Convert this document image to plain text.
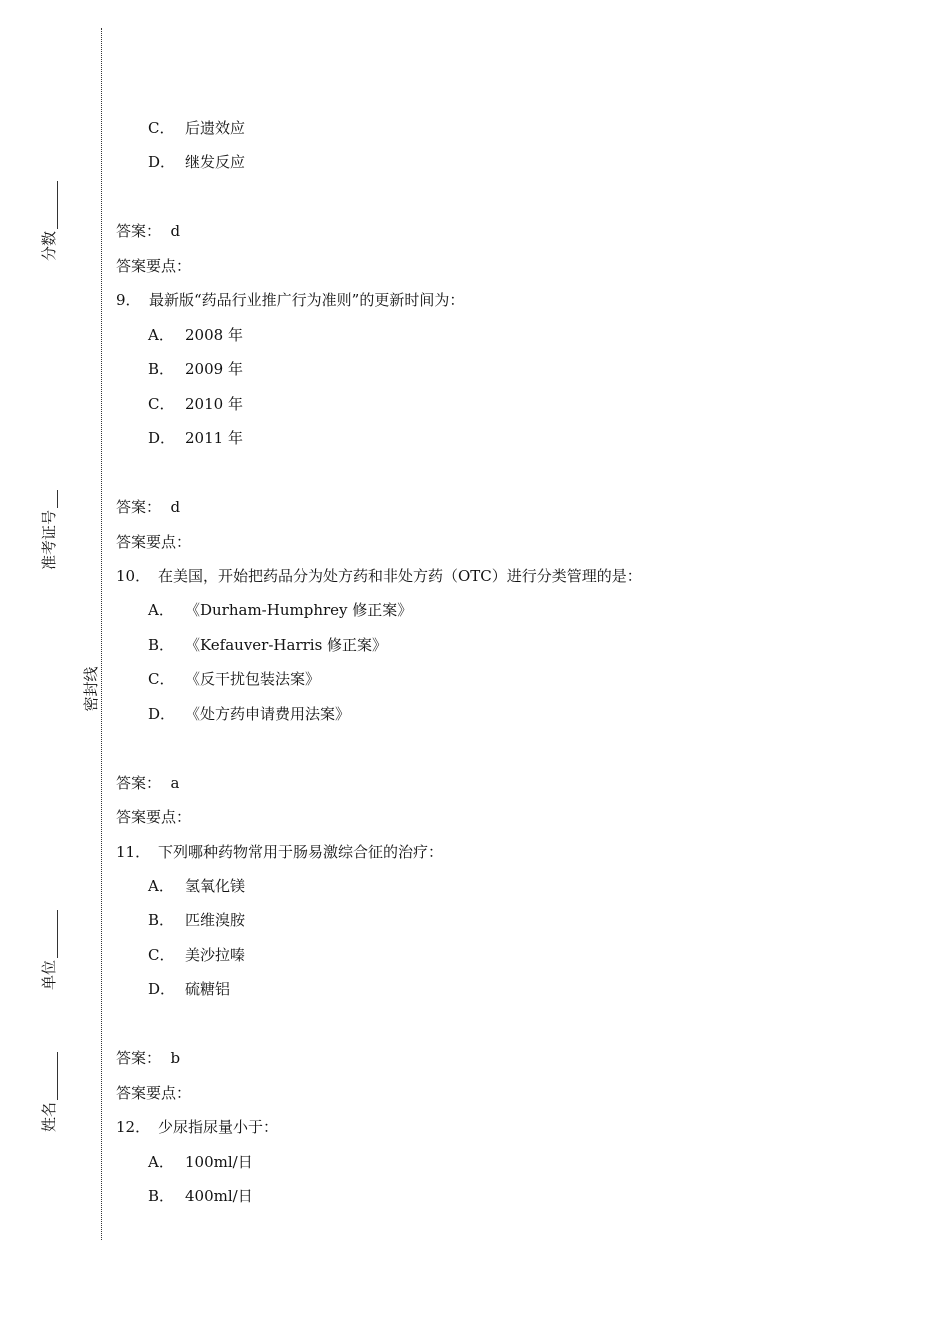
分数
准考证号
单位
姓名
密封线
C． 后遗效应
D． 继发反应
答案：  d
答案要点：
9． 最新版“药品行业推广行为准则”的更新时间为：
A． 2008 年
B． 2009 年
C． 2010 年
D． 2011 年
答案：  d
答案要点：
10． 在美国，开始把药品分为处方药和非处方药（OTC）进行分类管理的是：
A． 《Durham-Humphrey 修正案》
B． 《Kefauver-Harris 修正案》
C． 《反干扰包装法案》
D． 《处方药申请费用法案》
答案：  a
答案要点：
11． 下列哪种药物常用于肠易激综合征的治疗：
A． 氢氧化镁
B． 匹维溴胺
C． 美沙拉嗪
D． 硫糖铝
答案：  b
答案要点：
12． 少尿指尿量小于：
A． 100ml/日
B． 400ml/日
